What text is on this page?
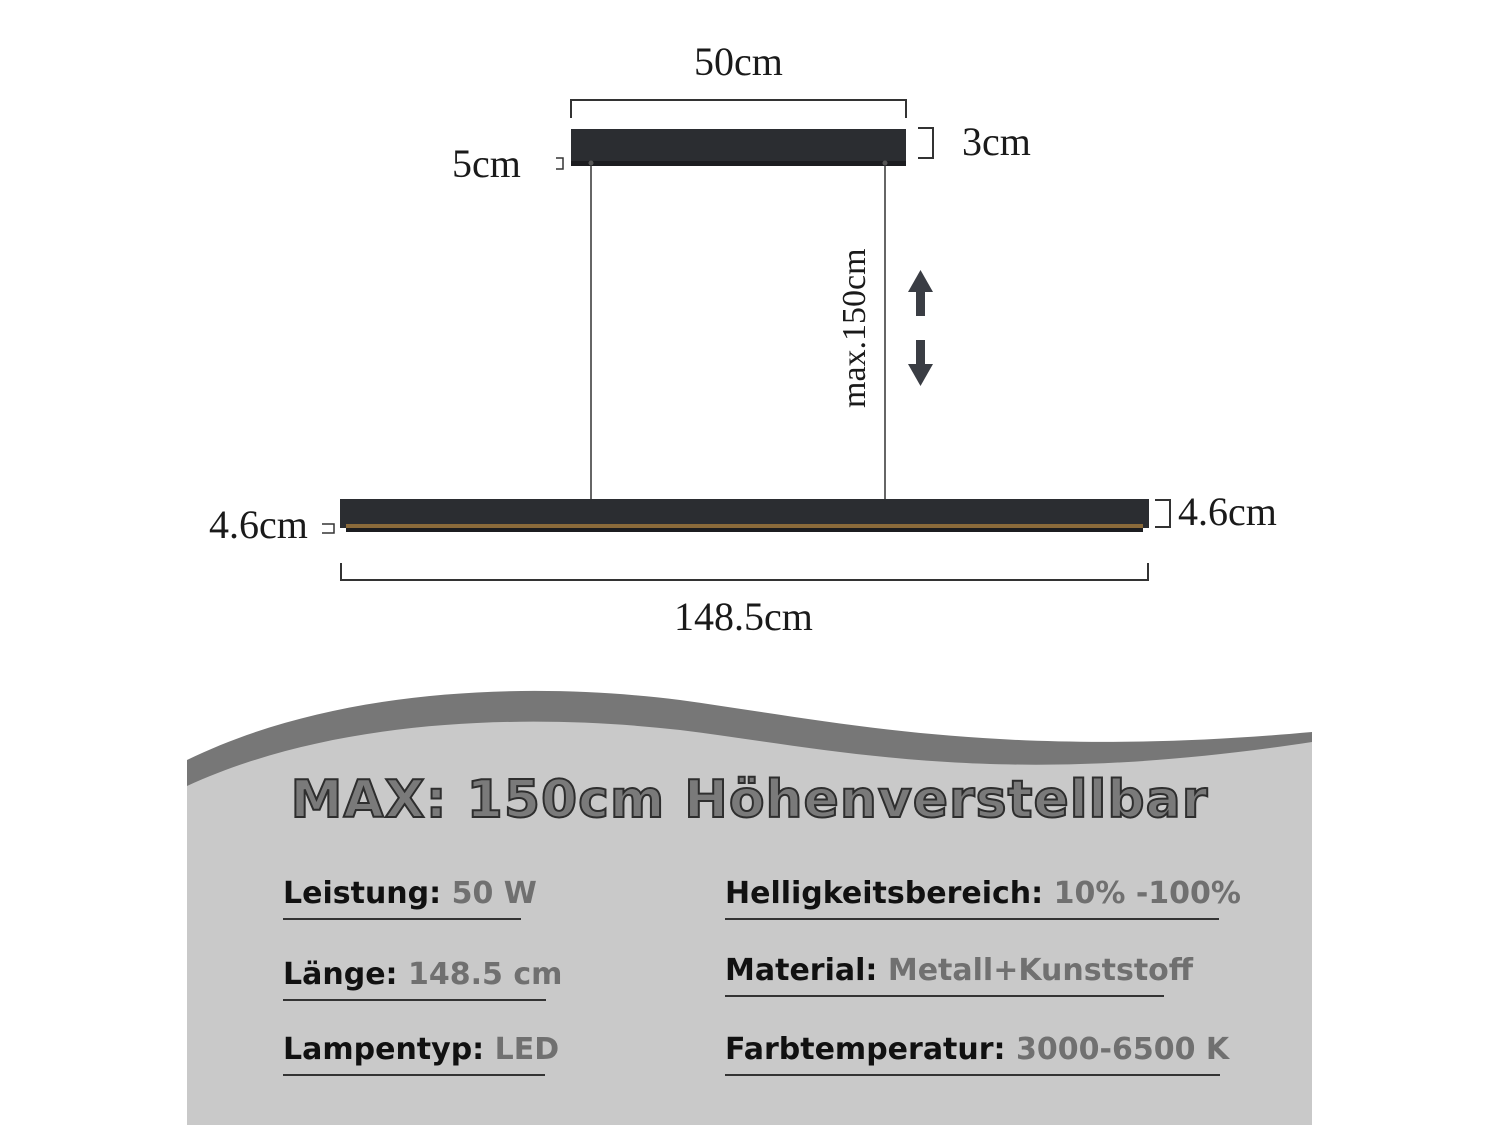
50cm
3cm
5cm
max.150cm
4.6cm	4.6cm
148.5cm
MAX: 150cm Höhenverstellbar
Leistung: 50 W	Helligkeitsbereich: 10% -100%
Länge: 148.5 cm	Material: Metall+Kunststoff
Lampentyp: LED	Farbtemperatur: 3000-6500 K
